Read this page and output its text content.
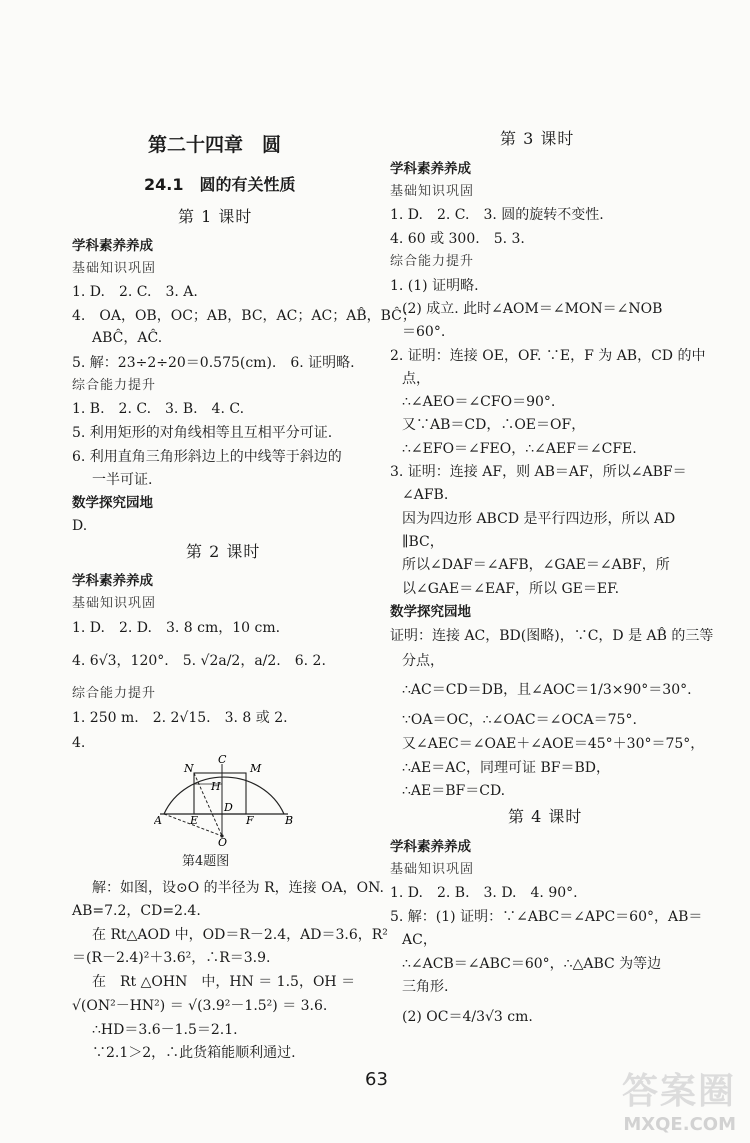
第二十四章　圆
24.1　圆的有关性质
第 1 课时
学科素养养成
基础知识巩固
1. D.　2. C.　3. A.
4.　OA，OB，OC；AB，BC，AC；AC；AB̂，BĈ；
ABĈ，AĈ.
5. 解：23÷2÷20＝0.575(cm).　6. 证明略.
综合能力提升
1. B.　2. C.　3. B.　4. C.
5. 利用矩形的对角线相等且互相平分可证.
6. 利用直角三角形斜边上的中线等于斜边的
一半可证.
数学探究园地
D.
第 2 课时
学科素养养成
基础知识巩固
1. D.　2. D.　3. 8 cm，10 cm.
4. 6√3，120°.　5. √2a/2，a/2.　6. 2.
综合能力提升
1. 250 m.　2. 2√15.　3. 8 或 2.
4.
N
C
M
H
D
A	E	F	B
O
第4题图
解：如图，设⊙O 的半径为 R，连接 OA，ON.
AB=7.2，CD=2.4.
在 Rt△AOD 中，OD＝R－2.4，AD＝3.6，R²
＝(R－2.4)²＋3.6²，∴R＝3.9.
在　Rt △OHN　中，HN ＝ 1.5，OH ＝
√(ON²－HN²) ＝ √(3.9²－1.5²) ＝ 3.6.
∴HD＝3.6－1.5＝2.1.
∵2.1＞2，∴此货箱能顺利通过.
第 3 课时
学科素养养成
基础知识巩固
1. D.　2. C.　3. 圆的旋转不变性.
4. 60 或 300.　5. 3.
综合能力提升
1. (1) 证明略.
(2) 成立. 此时∠AOM＝∠MON＝∠NOB
＝60°.
2. 证明：连接 OE，OF. ∵E，F 为 AB，CD 的中
点，
∴∠AEO＝∠CFO＝90°.
又∵AB＝CD，∴OE＝OF，
∴∠EFO＝∠FEO，∴∠AEF＝∠CFE.
3. 证明：连接 AF，则 AB＝AF，所以∠ABF＝
∠AFB.
因为四边形 ABCD 是平行四边形，所以 AD
∥BC，
所以∠DAF＝∠AFB，∠GAE＝∠ABF，所
以∠GAE＝∠EAF，所以 GE＝EF.
数学探究园地
证明：连接 AC，BD(图略)，∵C，D 是 AB̂ 的三等
分点，
∴AC＝CD＝DB，且∠AOC＝1/3×90°＝30°.
∵OA＝OC，∴∠OAC＝∠OCA＝75°.
又∠AEC＝∠OAE＋∠AOE＝45°＋30°＝75°，
∴AE＝AC，同理可证 BF＝BD，
∴AE＝BF＝CD.
第 4 课时
学科素养养成
基础知识巩固
1. D.　2. B.　3. D.　4. 90°.
5. 解：(1) 证明：∵∠ABC＝∠APC＝60°，AB＝
AC，
∴∠ACB＝∠ABC＝60°，∴△ABC 为等边
三角形.
(2) OC＝4/3√3 cm.
63	答案圈
MXQE.COM
